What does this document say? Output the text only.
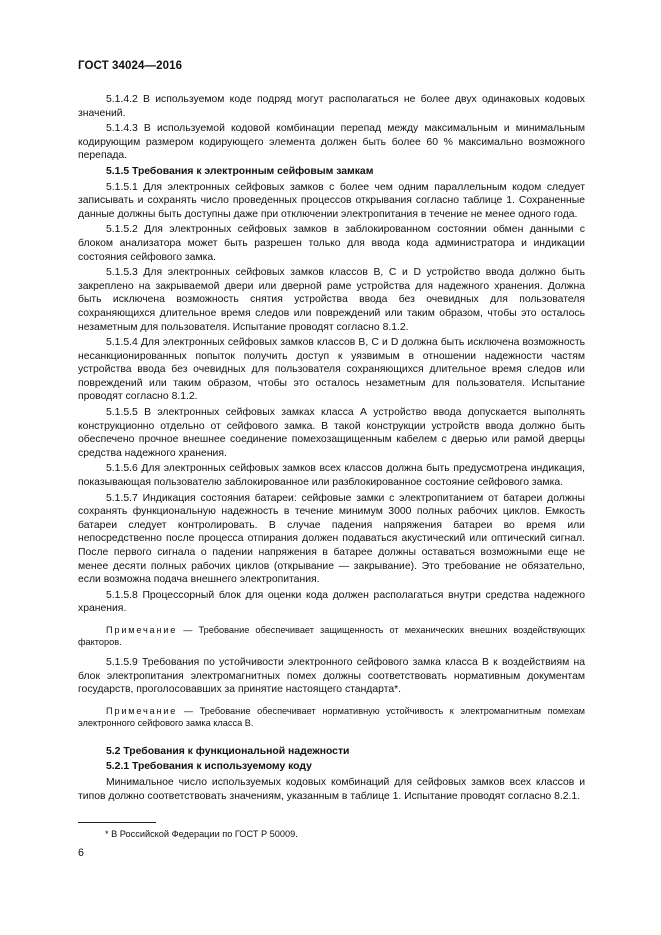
ГОСТ 34024—2016

5.1.4.2 В используемом коде подряд могут располагаться не более двух одинаковых кодовых значений.

5.1.4.3 В используемой кодовой комбинации перепад между максимальным и минимальным кодирующим размером кодирующего элемента должен быть более 60 % максимально возможного перепада.

5.1.5 Требования к электронным сейфовым замкам

5.1.5.1 Для электронных сейфовых замков с более чем одним параллельным кодом следует записывать и сохранять число проведенных процессов открывания согласно таблице 1. Сохраненные данные должны быть доступны даже при отключении электропитания в течение не менее одного года.

5.1.5.2 Для электронных сейфовых замков в заблокированном состоянии обмен данными с блоком анализатора может быть разрешен только для ввода кода администратора и индикации состояния сейфового замка.

5.1.5.3 Для электронных сейфовых замков классов В, С и D устройство ввода должно быть закреплено на закрываемой двери или дверной раме устройства для надежного хранения. Должна быть исключена возможность снятия устройства ввода без очевидных для пользователя сохраняющихся длительное время следов или повреждений или таким образом, чтобы это осталось незаметным для пользователя. Испытание проводят согласно 8.1.2.

5.1.5.4 Для электронных сейфовых замков классов В, С и D должна быть исключена возможность несанкционированных попыток получить доступ к уязвимым в отношении надежности частям устройства ввода без очевидных для пользователя сохраняющихся длительное время следов или повреждений или таким образом, чтобы это осталось незаметным для пользователя. Испытание проводят согласно 8.1.2.

5.1.5.5 В электронных сейфовых замках класса А устройство ввода допускается выполнять конструкционно отдельно от сейфового замка. В такой конструкции устройств ввода должно быть обеспечено прочное внешнее соединение помехозащищенным кабелем с дверью или рамой дверцы средства надежного хранения.

5.1.5.6 Для электронных сейфовых замков всех классов должна быть предусмотрена индикация, показывающая пользователю заблокированное или разблокированное состояние сейфового замка.

5.1.5.7 Индикация состояния батареи: сейфовые замки с электропитанием от батареи должны сохранять функциональную надежность в течение минимум 3000 полных рабочих циклов. Емкость батареи следует контролировать. В случае падения напряжения батареи во время или непосредственно после процесса отпирания должен подаваться акустический или оптический сигнал. После первого сигнала о падении напряжения в батарее должны оставаться возможными еще не менее десяти полных рабочих циклов (открывание — закрывание). Это требование не обязательно, если возможна подача внешнего электропитания.

5.1.5.8 Процессорный блок для оценки кода должен располагаться внутри средства надежного хранения.

Примечание — Требование обеспечивает защищенность от механических внешних воздействующих факторов.

5.1.5.9 Требования по устойчивости электронного сейфового замка класса В к воздействиям на блок электропитания электромагнитных помех должны соответствовать нормативным документам государств, проголосовавших за принятие настоящего стандарта*.

Примечание — Требование обеспечивает нормативную устойчивость к электромагнитным помехам электронного сейфового замка класса В.

5.2 Требования к функциональной надежности

5.2.1 Требования к используемому коду

Минимальное число используемых кодовых комбинаций для сейфовых замков всех классов и типов должно соответствовать значениям, указанным в таблице 1. Испытание проводят согласно 8.2.1.

* В Российской Федерации по ГОСТ Р 50009.
6
